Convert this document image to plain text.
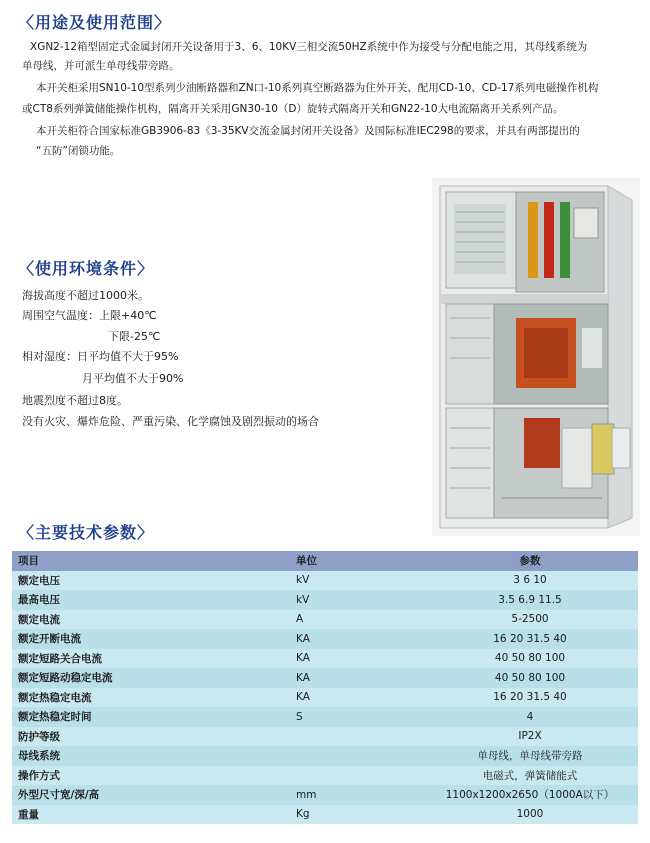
〈用途及使用范围〉
XGN2-12箱型固定式金属封闭开关设备用于3、6、10KV三相交流50HZ系统中作为接受与分配电能之用，其母线系统为
单母线，并可派生单母线带旁路。
本开关柜采用SN10-10型系列少油断路器和ZN口-10系列真空断路器为住外开关、配用CD-10、CD-17系列电磁操作机构
或CT8系列弹簧储能操作机构，隔离开关采用GN30-10（D）旋转式隔离开关和GN22-10大电流隔离开关系列产品。
本开关柜符合国家标准GB3906-83《3-35KV交流金属封闭开关设备》及国际标准IEC298的要求，并具有两部提出的
“五防”闭锁功能。
〈使用环境条件〉
海拔高度不超过1000米。
周围空气温度：上限+40℃
下限-25℃
相对湿度：日平均值不大于95%
月平均值不大于90%
地震烈度不超过8度。
没有火灾、爆炸危险、严重污染、化学腐蚀及剧烈振动的场合
〈主要技术参数〉
项目	单位	参数
额定电压	kV	3 6 10
最高电压	kV	3.5 6.9 11.5
额定电流	A	5-2500
额定开断电流	KA	16 20 31.5 40
额定短路关合电流	KA	40 50 80 100
额定短路动稳定电流	KA	40 50 80 100
额定热稳定电流	KA	16 20 31.5 40
额定热稳定时间	S	4
防护等级		IP2X
母线系统		单母线，单母线带旁路
操作方式		电磁式，弹簧储能式
外型尺寸宽/深/高	mm	1100x1200x2650（1000A以下）
重量	Kg	1000
